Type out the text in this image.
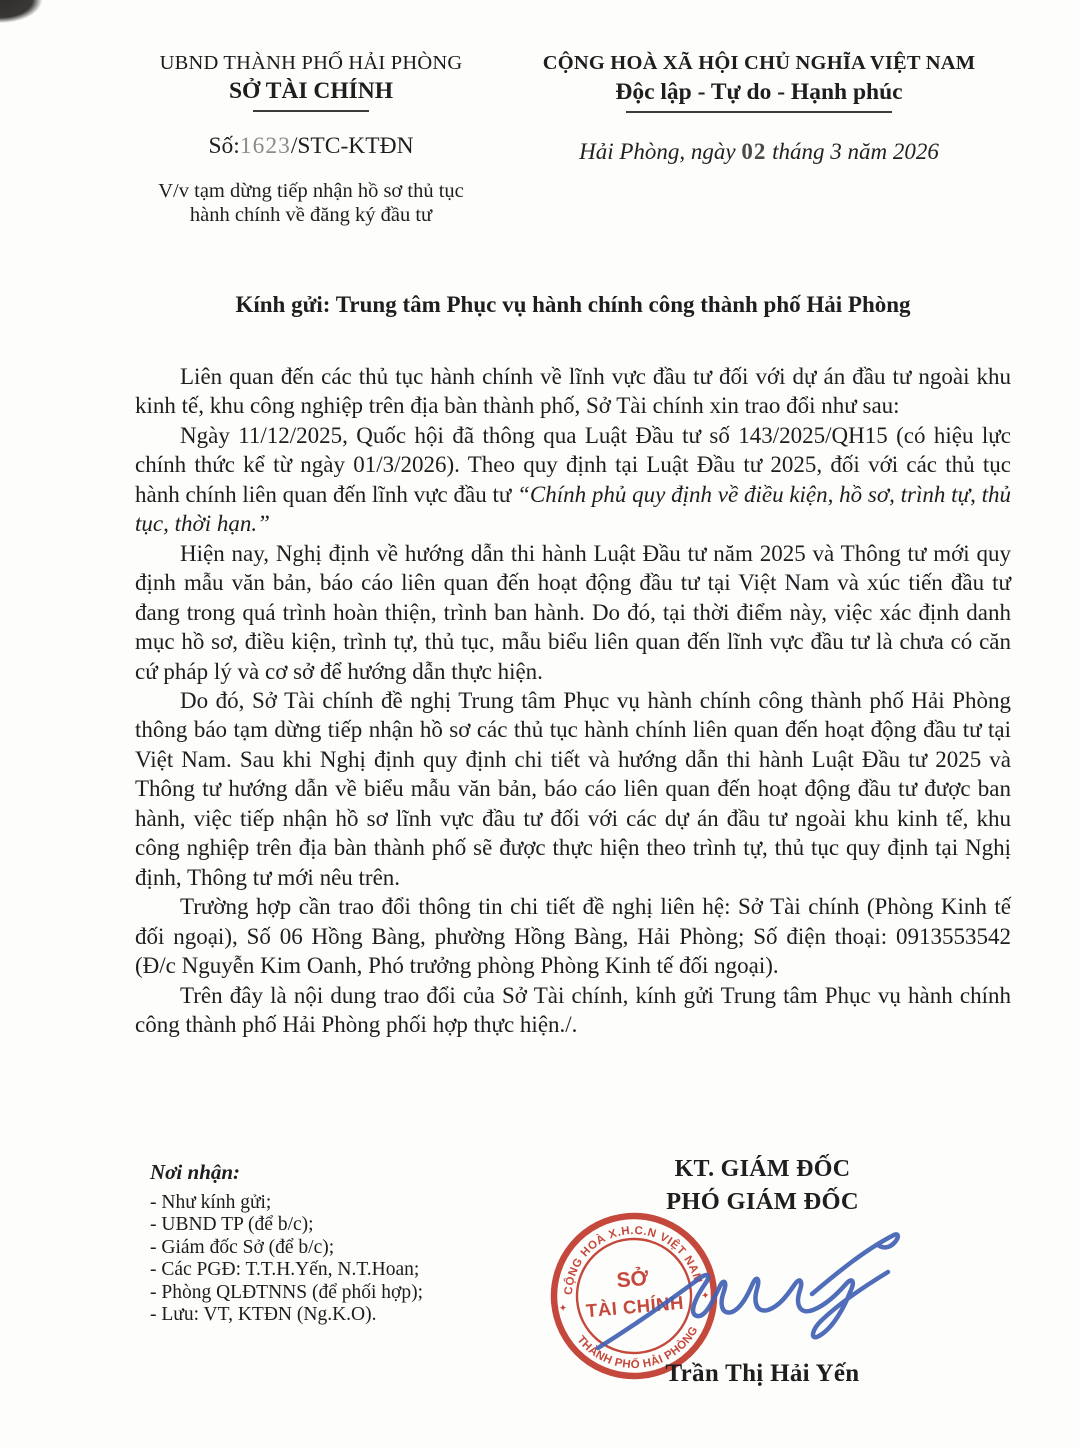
UBND THÀNH PHỐ HẢI PHÒNG
SỞ TÀI CHÍNH
Số:1623/STC-KTĐN
V/v tạm dừng tiếp nhận hồ sơ thủ tục
hành chính về đăng ký đầu tư
CỘNG HOÀ XÃ HỘI CHỦ NGHĨA VIỆT NAM
Độc lập - Tự do - Hạnh phúc
Hải Phòng, ngày 02 tháng 3 năm 2026
Kính gửi: Trung tâm Phục vụ hành chính công thành phố Hải Phòng

Liên quan đến các thủ tục hành chính về lĩnh vực đầu tư đối với dự án đầu tư ngoài khu kinh tế, khu công nghiệp trên địa bàn thành phố, Sở Tài chính xin trao đổi như sau:

Ngày 11/12/2025, Quốc hội đã thông qua Luật Đầu tư số 143/2025/QH15 (có hiệu lực chính thức kể từ ngày 01/3/2026). Theo quy định tại Luật Đầu tư 2025, đối với các thủ tục hành chính liên quan đến lĩnh vực đầu tư “Chính phủ quy định về điều kiện, hồ sơ, trình tự, thủ tục, thời hạn.”

Hiện nay, Nghị định về hướng dẫn thi hành Luật Đầu tư năm 2025 và Thông tư mới quy định mẫu văn bản, báo cáo liên quan đến hoạt động đầu tư tại Việt Nam và xúc tiến đầu tư đang trong quá trình hoàn thiện, trình ban hành. Do đó, tại thời điểm này, việc xác định danh mục hồ sơ, điều kiện, trình tự, thủ tục, mẫu biểu liên quan đến lĩnh vực đầu tư là chưa có căn cứ pháp lý và cơ sở để hướng dẫn thực hiện.

Do đó, Sở Tài chính đề nghị Trung tâm Phục vụ hành chính công thành phố Hải Phòng thông báo tạm dừng tiếp nhận hồ sơ các thủ tục hành chính liên quan đến hoạt động đầu tư tại Việt Nam. Sau khi Nghị định quy định chi tiết và hướng dẫn thi hành Luật Đầu tư 2025 và Thông tư hướng dẫn về biểu mẫu văn bản, báo cáo liên quan đến hoạt động đầu tư được ban hành, việc tiếp nhận hồ sơ lĩnh vực đầu tư đối với các dự án đầu tư ngoài khu kinh tế, khu công nghiệp trên địa bàn thành phố sẽ được thực hiện theo trình tự, thủ tục quy định tại Nghị định, Thông tư mới nêu trên.

Trường hợp cần trao đổi thông tin chi tiết đề nghị liên hệ: Sở Tài chính (Phòng Kinh tế đối ngoại), Số 06 Hồng Bàng, phường Hồng Bàng, Hải Phòng; Số điện thoại: 0913553542 (Đ/c Nguyễn Kim Oanh, Phó trưởng phòng Phòng Kinh tế đối ngoại).

Trên đây là nội dung trao đổi của Sở Tài chính, kính gửi Trung tâm Phục vụ hành chính công thành phố Hải Phòng phối hợp thực hiện./.

Nơi nhận:
- Như kính gửi;
- UBND TP (để b/c);
- Giám đốc Sở (để b/c);
- Các PGĐ: T.T.H.Yến, N.T.Hoan;
- Phòng QLĐTNNS (để phối hợp);
- Lưu: VT, KTĐN (Ng.K.O).
KT. GIÁM ĐỐC
PHÓ GIÁM ĐỐC
CỘNG HOÀ X.H.C.N VIỆT NAM
THÀNH PHỐ HẢI PHÒNG
SỞ
TÀI CHÍNH
✦
✦
Trần Thị Hải Yến
